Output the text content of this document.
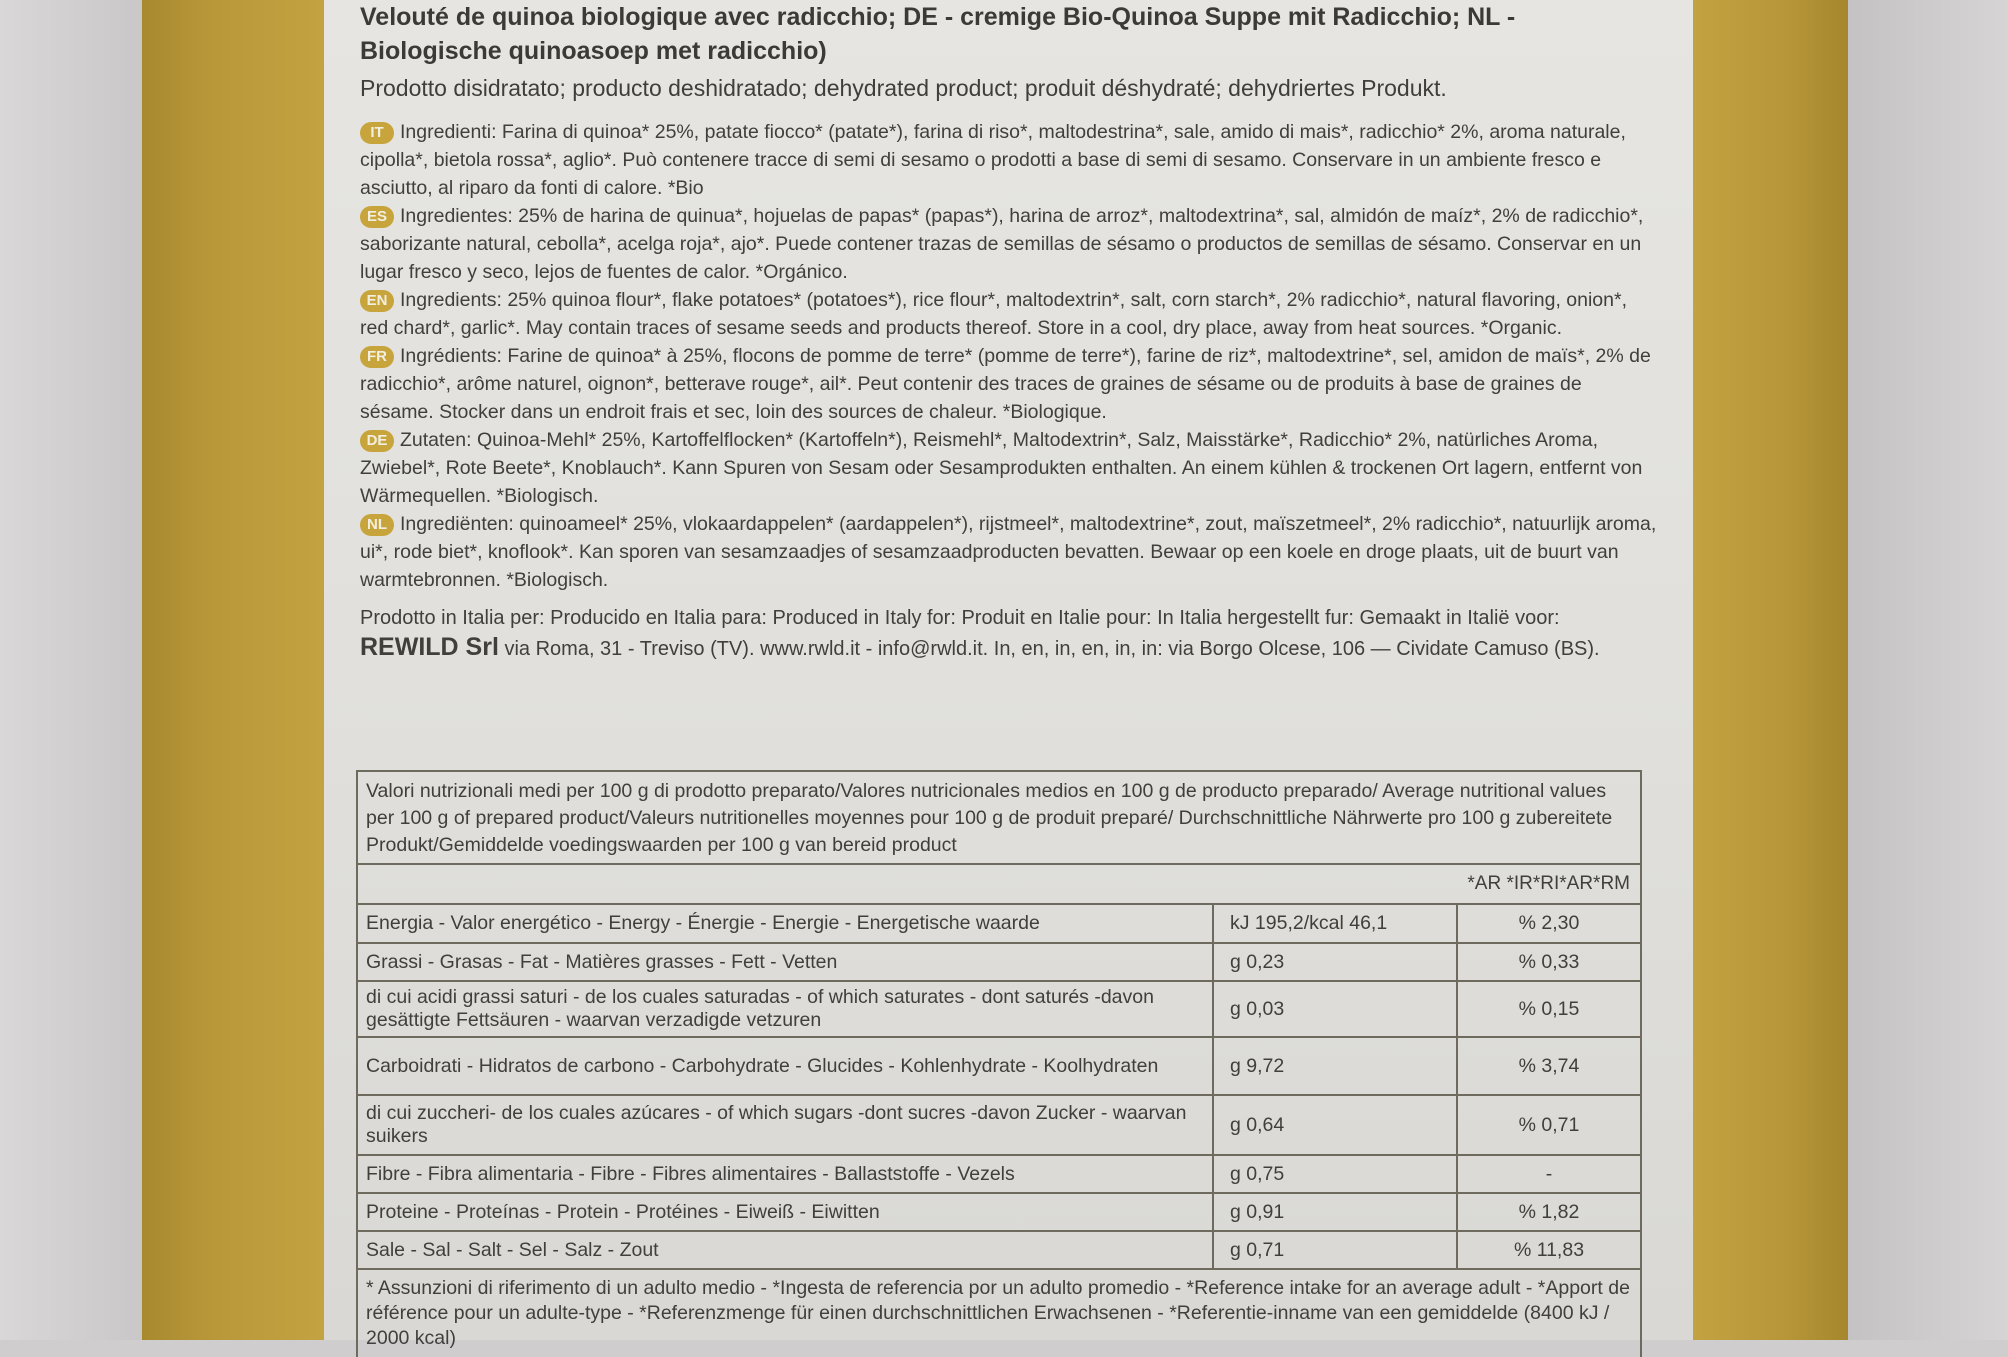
Velouté de quinoa biologique avec radicchio; DE - cremige Bio-Quinoa Suppe mit Radicchio; NL - Biologische quinoasoep met radicchio)

Prodotto disidratato; producto deshidratado; dehydrated product; produit déshydraté; dehydriertes Produkt.

IT Ingredienti: Farina di quinoa* 25%, patate fiocco* (patate*), farina di riso*, maltodestrina*, sale, amido di mais*, radicchio* 2%, aroma naturale, cipolla*, bietola rossa*, aglio*. Può contenere tracce di semi di sesamo o prodotti a base di semi di sesamo. Conservare in un ambiente fresco e asciutto, al riparo da fonti di calore. *Bio

ES Ingredientes: 25% de harina de quinua*, hojuelas de papas* (papas*), harina de arroz*, maltodextrina*, sal, almidón de maíz*, 2% de radicchio*, saborizante natural, cebolla*, acelga roja*, ajo*. Puede contener trazas de semillas de sésamo o productos de semillas de sésamo. Conservar en un lugar fresco y seco, lejos de fuentes de calor. *Orgánico.

EN Ingredients: 25% quinoa flour*, flake potatoes* (potatoes*), rice flour*, maltodextrin*, salt, corn starch*, 2% radicchio*, natural flavoring, onion*, red chard*, garlic*. May contain traces of sesame seeds and products thereof. Store in a cool, dry place, away from heat sources. *Organic.

FR Ingrédients: Farine de quinoa* à 25%, flocons de pomme de terre* (pomme de terre*), farine de riz*, maltodextrine*, sel, amidon de maïs*, 2% de radicchio*, arôme naturel, oignon*, betterave rouge*, ail*. Peut contenir des traces de graines de sésame ou de produits à base de graines de sésame. Stocker dans un endroit frais et sec, loin des sources de chaleur. *Biologique.

DE Zutaten: Quinoa-Mehl* 25%, Kartoffelflocken* (Kartoffeln*), Reismehl*, Maltodextrin*, Salz, Maisstärke*, Radicchio* 2%, natürliches Aroma, Zwiebel*, Rote Beete*, Knoblauch*. Kann Spuren von Sesam oder Sesamprodukten enthalten. An einem kühlen & trockenen Ort lagern, entfernt von Wärmequellen. *Biologisch.

NL Ingrediënten: quinoameel* 25%, vlokaardappelen* (aardappelen*), rijstmeel*, maltodextrine*, zout, maïszetmeel*, 2% radicchio*, natuurlijk aroma, ui*, rode biet*, knoflook*. Kan sporen van sesamzaadjes of sesamzaadproducten bevatten. Bewaar op een koele en droge plaats, uit de buurt van warmtebronnen. *Biologisch.

Prodotto in Italia per: Producido en Italia para: Produced in Italy for: Produit en Italie pour: In Italia hergestellt fur: Gemaakt in Italië voor: REWILD Srl via Roma, 31 - Treviso (TV). www.rwld.it - info@rwld.it. In, en, in, en, in, in: via Borgo Olcese, 106 — Cividate Camuso (BS).
Valori nutrizionali medi per 100 g di prodotto preparato/Valores nutricionales medios en 100 g de producto preparado/ Average nutritional values per 100 g of prepared product/Valeurs nutritionelles moyennes pour 100 g de produit preparé/ Durchschnittliche Nährwerte pro 100 g zubereitete Produkt/Gemiddelde voedingswaarden per 100 g van bereid product
*AR *IR*RI*AR*RM
Energia - Valor energético - Energy - Énergie - Energie - Energetische waarde	kJ 195,2/kcal 46,1	% 2,30
Grassi - Grasas - Fat - Matières grasses - Fett - Vetten	g 0,23	% 0,33
di cui acidi grassi saturi - de los cuales saturadas - of which saturates - dont saturés -davon gesättigte Fettsäuren - waarvan verzadigde vetzuren	g 0,03	% 0,15
Carboidrati - Hidratos de carbono - Carbohydrate - Glucides - Kohlenhydrate - Koolhydraten	g 9,72	% 3,74
di cui zuccheri- de los cuales azúcares - of which sugars -dont sucres -davon Zucker - waarvan suikers	g 0,64	% 0,71
Fibre - Fibra alimentaria - Fibre - Fibres alimentaires - Ballaststoffe - Vezels	g 0,75	-
Proteine - Proteínas - Protein - Protéines - Eiweiß - Eiwitten	g 0,91	% 1,82
Sale - Sal - Salt - Sel - Salz - Zout	g 0,71	% 11,83
* Assunzioni di riferimento di un adulto medio - *Ingesta de referencia por un adulto promedio - *Reference intake for an average adult - *Apport de référence pour un adulte-type - *Referenzmenge für einen durchschnittlichen Erwachsenen - *Referentie-inname van een gemiddelde (8400 kJ / 2000 kcal)
